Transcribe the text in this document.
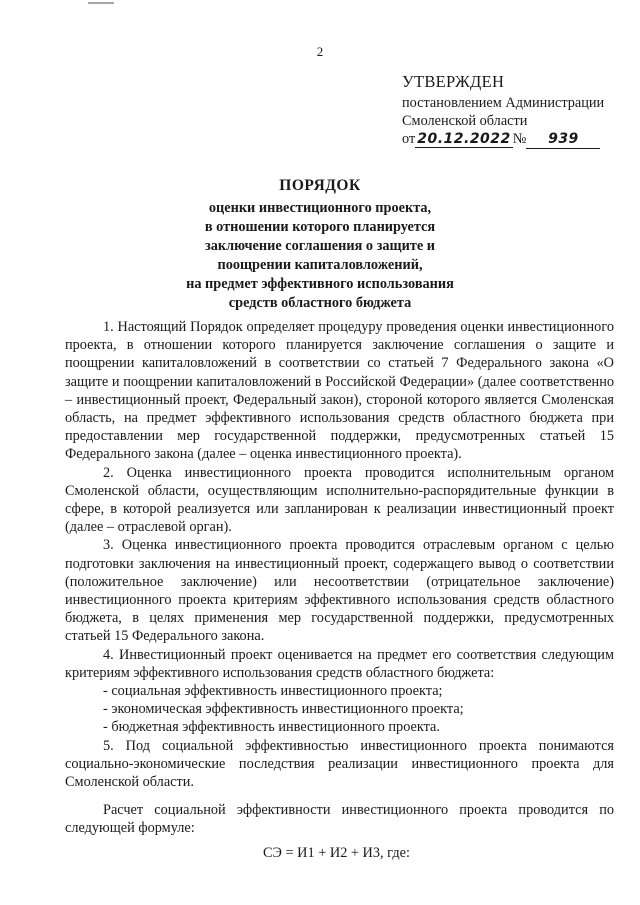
2
УТВЕРЖДЕН
постановлением Администрации
Смоленской области
от 20.12.2022 № 939
ПОРЯДОК
оценки инвестиционного проекта,
в отношении которого планируется
заключение соглашения о защите и
поощрении капиталовложений,
на предмет эффективного использования
средств областного бюджета

1. Настоящий Порядок определяет процедуру проведения оценки инвестиционного проекта, в отношении которого планируется заключение соглашения о защите и поощрении капиталовложений в соответствии со статьей 7 Федерального закона «О защите и поощрении капиталовложений в Российской Федерации» (далее соответственно – инвестиционный проект, Федеральный закон), стороной которого является Смоленская область, на предмет эффективного использования средств областного бюджета при предоставлении мер государственной поддержки, предусмотренных статьей 15 Федерального закона (далее – оценка инвестиционного проекта).

2. Оценка инвестиционного проекта проводится исполнительным органом Смоленской области, осуществляющим исполнительно-распорядительные функции в сфере, в которой реализуется или запланирован к реализации инвестиционный проект (далее – отраслевой орган).

3. Оценка инвестиционного проекта проводится отраслевым органом с целью подготовки заключения на инвестиционный проект, содержащего вывод о соответствии (положительное заключение) или несоответствии (отрицательное заключение) инвестиционного проекта критериям эффективного использования средств областного бюджета, в целях применения мер государственной поддержки, предусмотренных статьей 15 Федерального закона.

4. Инвестиционный проект оценивается на предмет его соответствия следующим критериям эффективного использования средств областного бюджета:

- социальная эффективность инвестиционного проекта;

- экономическая эффективность инвестиционного проекта;

- бюджетная эффективность инвестиционного проекта.

5. Под социальной эффективностью инвестиционного проекта понимаются социально-экономические последствия реализации инвестиционного проекта для Смоленской области.

Расчет социальной эффективности инвестиционного проекта проводится по следующей формуле:

СЭ = И1 + И2 + И3, где:
